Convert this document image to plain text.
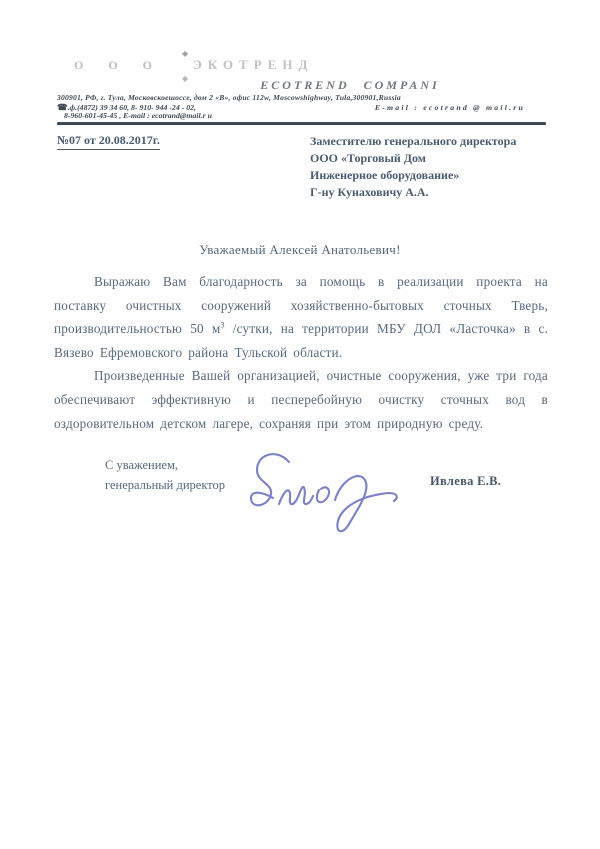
О О О ЭКОТРЕНД
◆
◆	ECOTREND COMPANI
300901, РФ, г. Тула, Московскоешоссе, дом 2 «В», офис 112w, Moscowshighway, Tula,300901,Russia
☎.ф.(4872) 39 34 60, 8- 910- 944 -24 - 02,	E-mail : ecotrand @ mail.ru
8-960-601-45-45 , E-mail : ecotrand@mail.r u
№07 от 20.08.2017г.	Заместителю генерального директора
ООО «Торговый Дом
Инженерное оборудование»
Г-ну Кунаховичу А.А.
Уважаемый Алексей Анатольевич!

Выражаю Вам благодарность за помощь в реализации проекта на поставку очистных сооружений хозяйственно-бытовых сточных Тверь, производительностью 50 $м^3$ /сутки, на территории МБУ ДОЛ «Ласточка» в с. Вязево Ефремовского района Тульской области.

Произведенные Вашей организацией, очистные сооружения, уже три года обеспечивают эффективную и песперебойную очистку сточных вод в оздоровительном детском лагере, сохраняя при этом природную среду.

С уважением,
генеральный директор	Ивлева Е.В.
